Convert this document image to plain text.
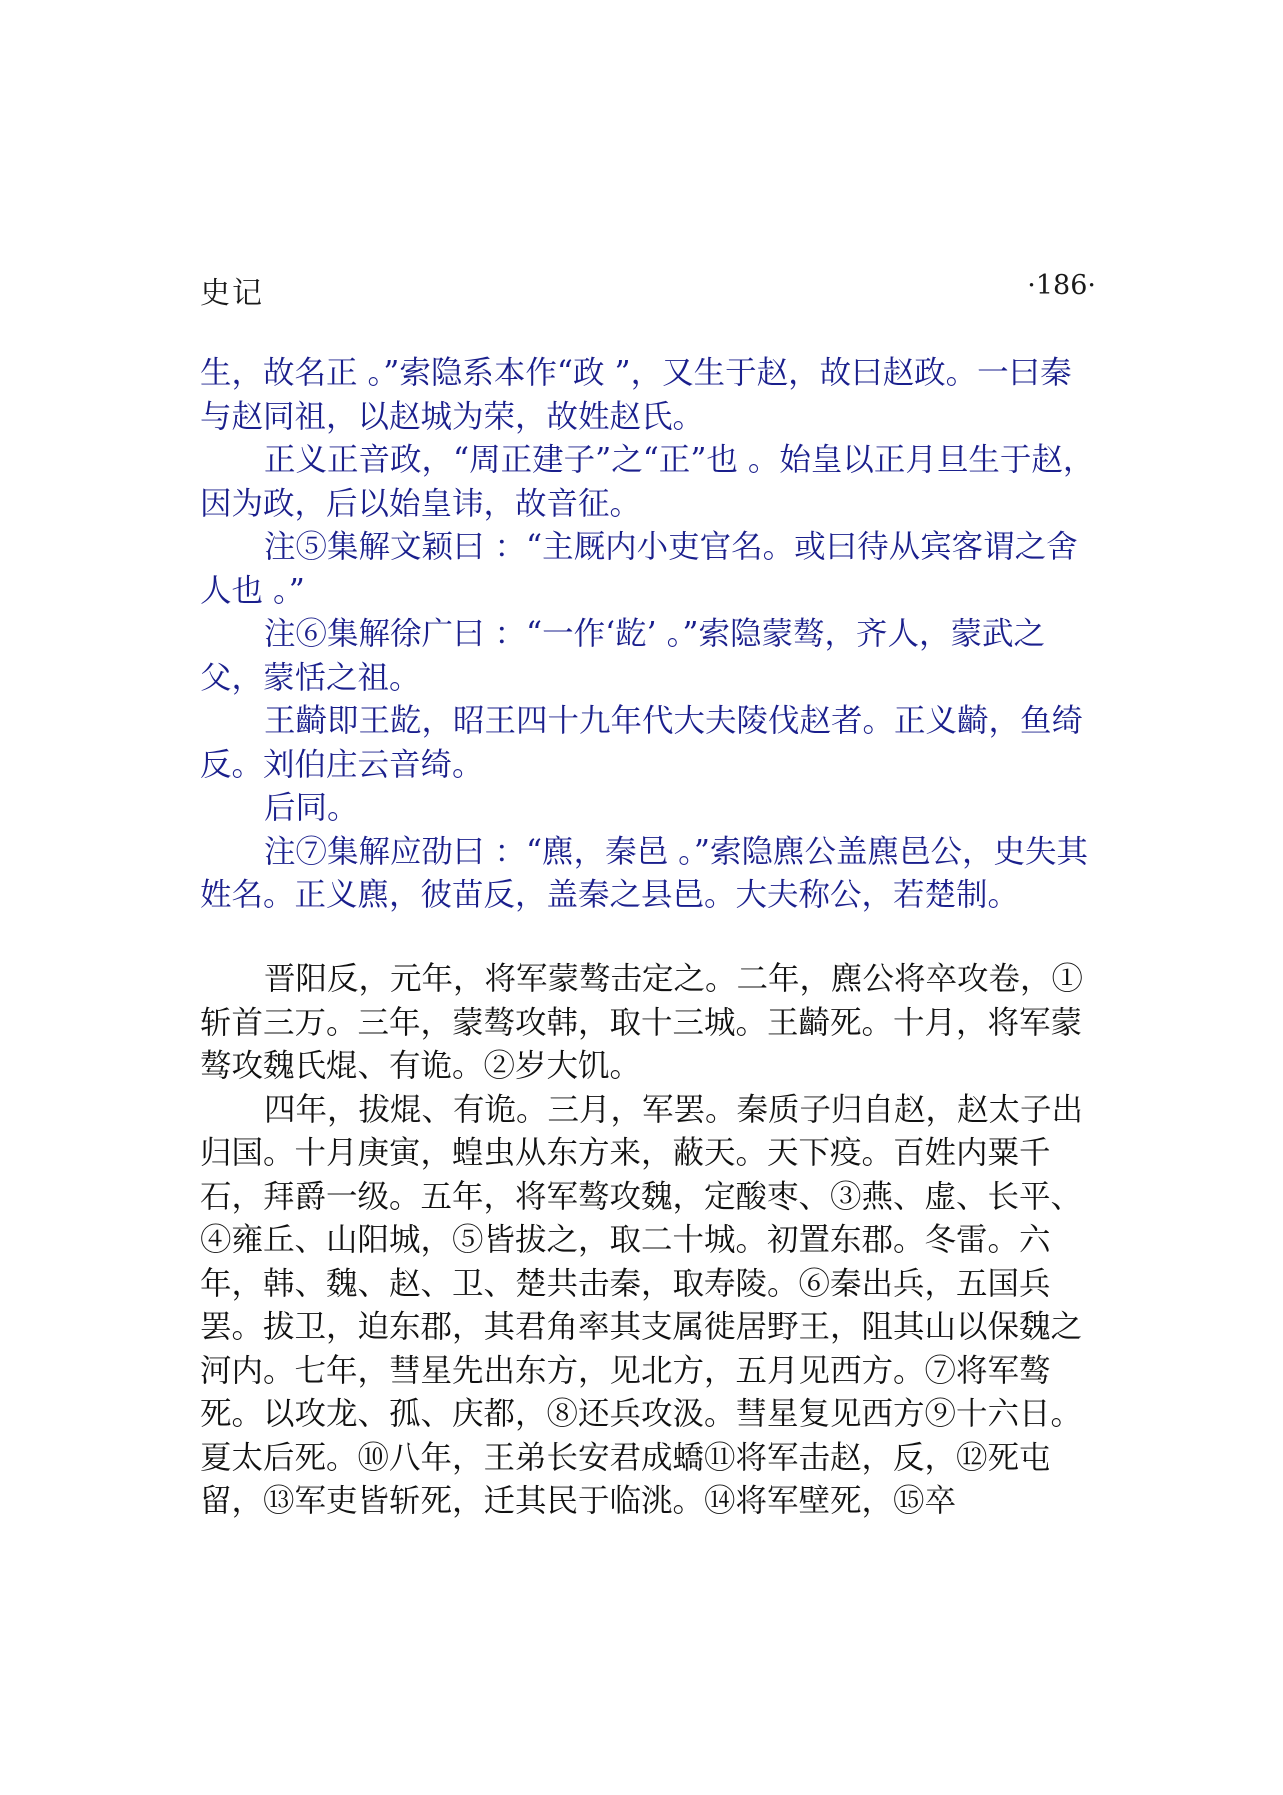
史记	·186·

生，故名正 。”索隐系本作“政 ”，又生于赵，故曰赵政。一曰秦与赵同祖，以赵城为荣，故姓赵氏。

正义正音政，“周正建子”之“正”也 。始皇以正月旦生于赵，因为政，后以始皇讳，故音征。

注⑤集解文颖曰 ：“主厩内小吏官名。或曰待从宾客谓之舍人也 。”

注⑥集解徐广曰 ：“一作‘龁’ 。”索隐蒙骜，齐人，蒙武之父，蒙恬之祖。

王齮即王龁，昭王四十九年代大夫陵伐赵者。正义齮，鱼绮反。刘伯庄云音绮。

后同。

注⑦集解应劭曰 ：“麃，秦邑 。”索隐麃公盖麃邑公，史失其姓名。正义麃，彼苗反，盖秦之县邑。大夫称公，若楚制。

晋阳反，元年，将军蒙骜击定之。二年，麃公将卒攻卷，①斩首三万。三年，蒙骜攻韩，取十三城。王齮死。十月，将军蒙骜攻魏氏焜、有诡。②岁大饥。

四年，拔焜、有诡。三月，军罢。秦质子归自赵，赵太子出归国。十月庚寅，蝗虫从东方来，蔽天。天下疫。百姓内粟千石，拜爵一级。五年，将军骜攻魏，定酸枣、③燕、虚、长平、④雍丘、山阳城，⑤皆拔之，取二十城。初置东郡。冬雷。六年，韩、魏、赵、卫、楚共击秦，取寿陵。⑥秦出兵，五国兵罢。拔卫，迫东郡，其君角率其支属徙居野王，阻其山以保魏之河内。七年，彗星先出东方，见北方，五月见西方。⑦将军骜死。以攻龙、孤、庆都，⑧还兵攻汲。彗星复见西方⑨十六日。夏太后死。⑩八年，王弟长安君成蟜⑪将军击赵，反，⑫死屯留，⑬军吏皆斩死，迁其民于临洮。⑭将军壁死，⑮卒
